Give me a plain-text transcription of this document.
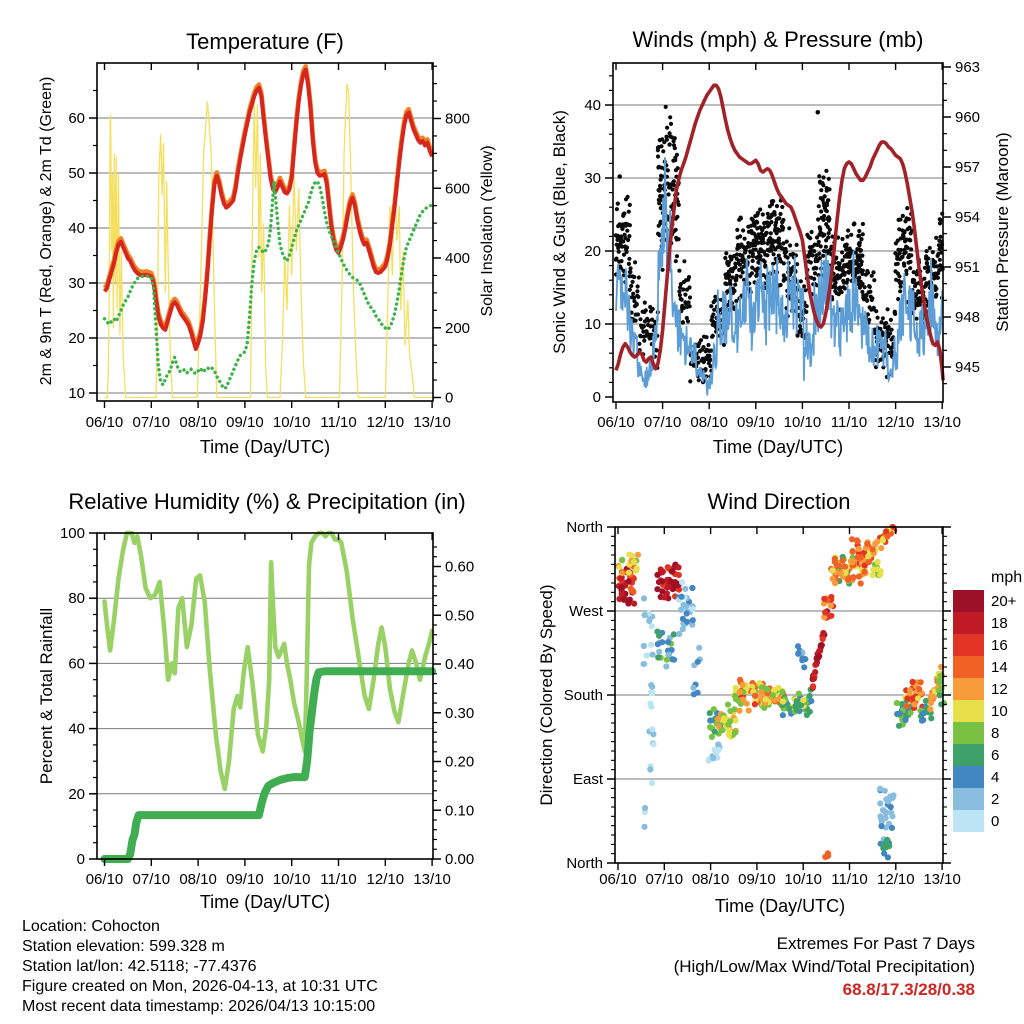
06/10 07/10 08/10 09/10 10/10 11/10 12/10 13/10
10
20
30
40
50
60
0
200
400
600
800
06/10 07/10 08/10 09/10 10/10 11/10 12/10 13/10
0
10
20
30
40
945
948
951
954
957
960
963
06/10 07/10 08/10 09/10 10/10 11/10 12/10 13/10
0
20
40
60
80
100
0.00
0.10
0.20
0.30
0.40
0.50
0.60
06/10 07/10 08/10 09/10 10/10 11/10 12/10 13/10
North
West
South
East
North
mph
20+
18
16
14
12
10
8
6
4
2
0
Temperature (F)	Winds (mph) & Pressure (mb)
Relative Humidity (%) & Precipitation (in)	Wind Direction
Time (Day/UTC)	Time (Day/UTC)
Time (Day/UTC)	Time (Day/UTC)
2m & 9m T (Red, Orange) & 2m Td (Green)	Solar Insolation (Yellow)	Sonic Wind & Gust (Blue, Black)	Station Pressure (Maroon)
Percent & Total Rainfall	Direction (Colored By Speed)
Location: Cohocton
Station elevation: 599.328 m
Station lat/lon: 42.5118; -77.4376
Figure created on Mon, 2026-04-13, at 10:31 UTC
Most recent data timestamp: 2026/04/13 10:15:00
Extremes For Past 7 Days
(High/Low/Max Wind/Total Precipitation)
68.8/17.3/28/0.38
